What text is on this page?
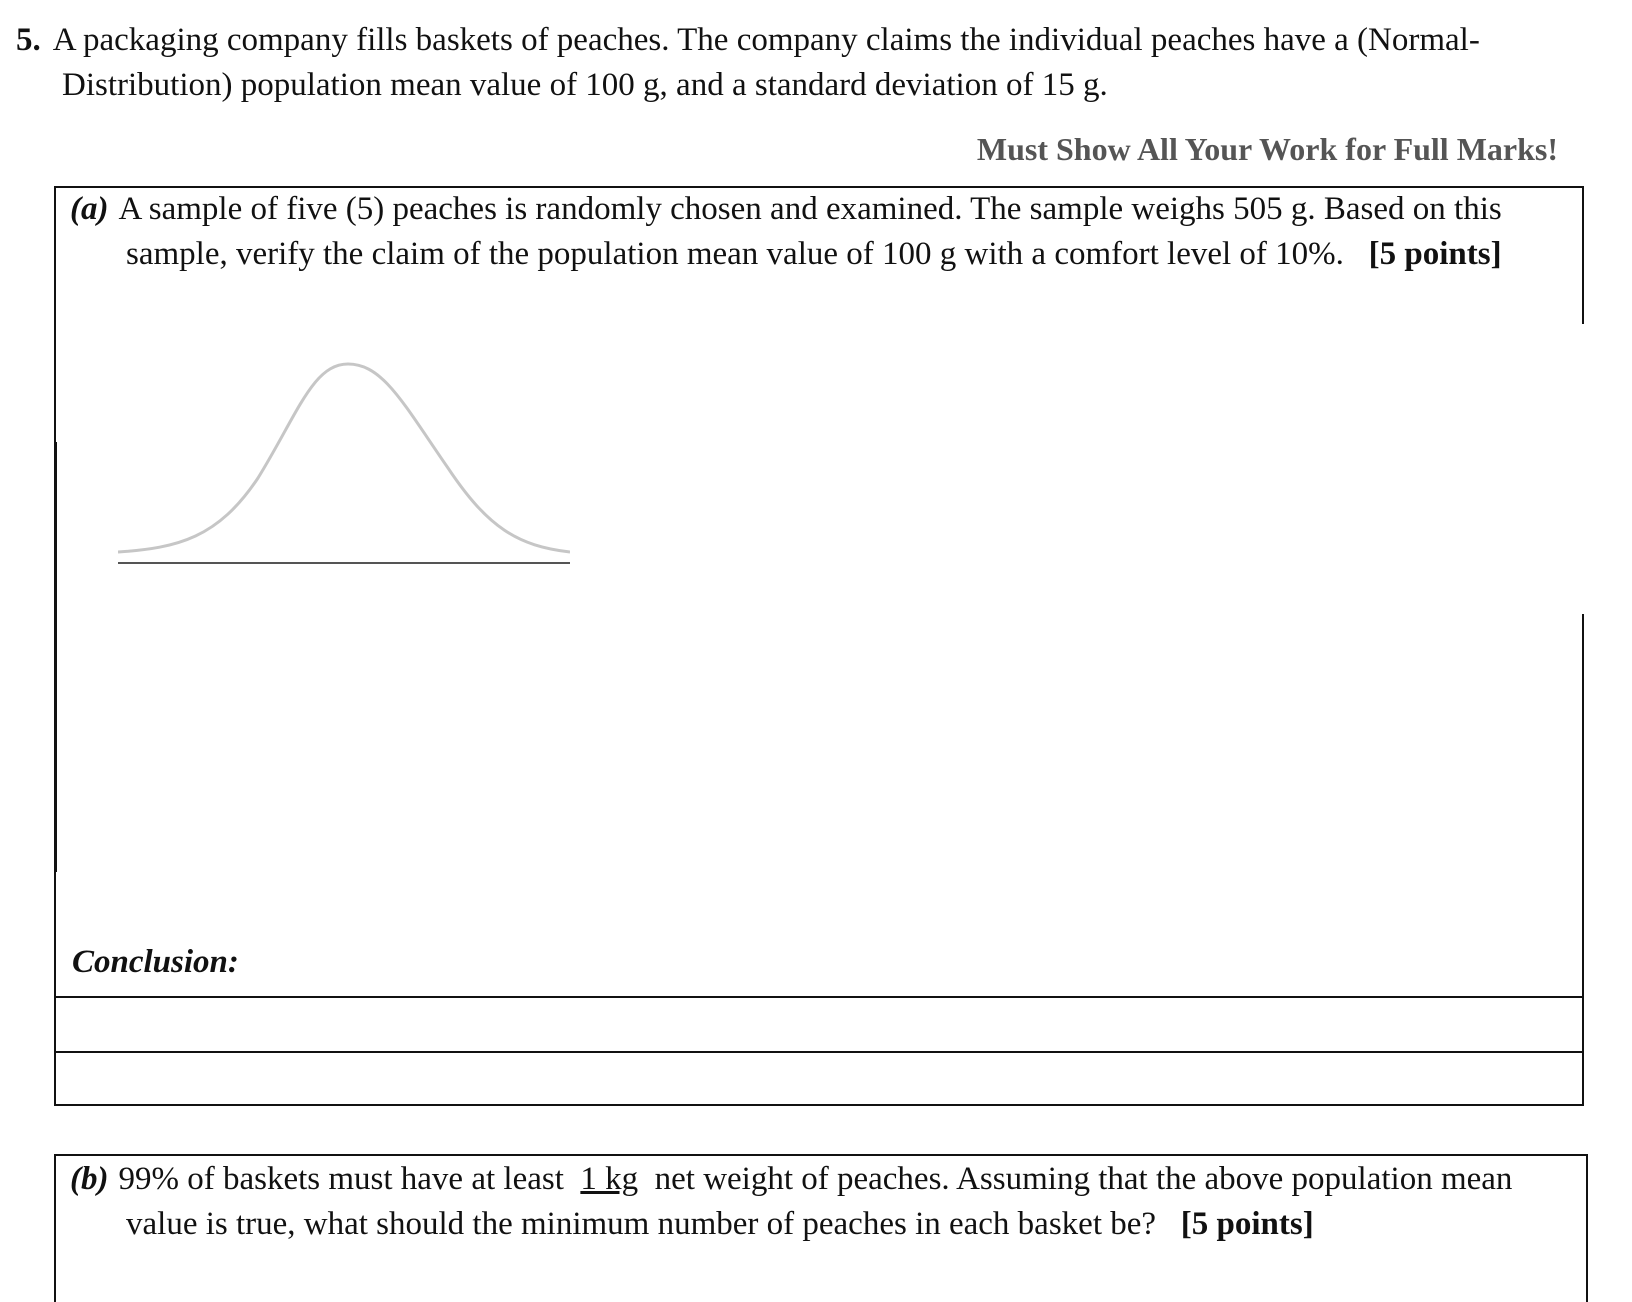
5. A packaging company fills baskets of peaches. The company claims the individual peaches have a (Normal-
Distribution) population mean value of 100 g, and a standard deviation of 15 g.
Must Show All Your Work for Full Marks!
(a) A sample of five (5) peaches is randomly chosen and examined. The sample weighs 505 g. Based on this
sample, verify the claim of the population mean value of 100 g with a comfort level of 10%. [5 points]
Conclusion:
(b) 99% of baskets must have at least 1 kg net weight of peaches. Assuming that the above population mean
value is true, what should the minimum number of peaches in each basket be? [5 points]
